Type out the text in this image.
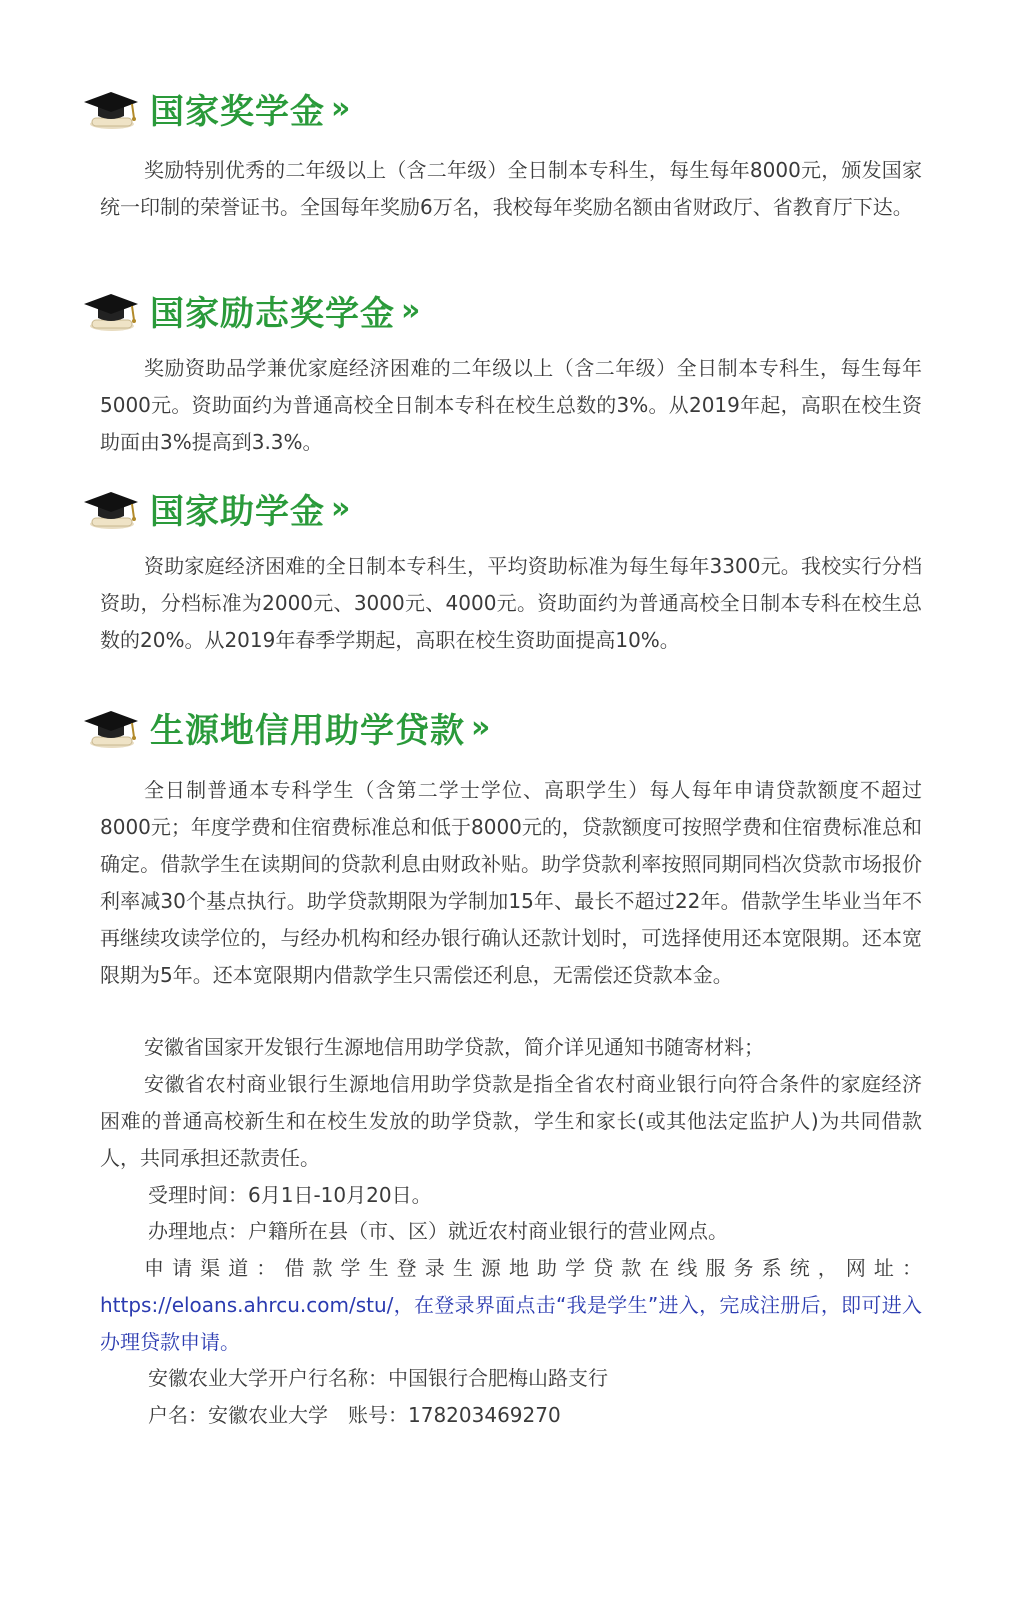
国家奖学金 »

奖励特别优秀的二年级以上（含二年级）全日制本专科生，每生每年8000元，颁发国家统一印制的荣誉证书。全国每年奖励6万名，我校每年奖励名额由省财政厅、省教育厅下达。

国家励志奖学金 »

奖励资助品学兼优家庭经济困难的二年级以上（含二年级）全日制本专科生，每生每年5000元。资助面约为普通高校全日制本专科在校生总数的3%。从2019年起，高职在校生资助面由3%提高到3.3%。

国家助学金 »

资助家庭经济困难的全日制本专科生，平均资助标准为每生每年3300元。我校实行分档资助，分档标准为2000元、3000元、4000元。资助面约为普通高校全日制本专科在校生总数的20%。从2019年春季学期起，高职在校生资助面提高10%。

生源地信用助学贷款 »

全日制普通本专科学生（含第二学士学位、高职学生）每人每年申请贷款额度不超过8000元；年度学费和住宿费标准总和低于8000元的，贷款额度可按照学费和住宿费标准总和确定。借款学生在读期间的贷款利息由财政补贴。助学贷款利率按照同期同档次贷款市场报价利率减30个基点执行。助学贷款期限为学制加15年、最长不超过22年。借款学生毕业当年不再继续攻读学位的，与经办机构和经办银行确认还款计划时，可选择使用还本宽限期。还本宽限期为5年。还本宽限期内借款学生只需偿还利息，无需偿还贷款本金。

安徽省国家开发银行生源地信用助学贷款，简介详见通知书随寄材料；

安徽省农村商业银行生源地信用助学贷款是指全省农村商业银行向符合条件的家庭经济困难的普通高校新生和在校生发放的助学贷款，学生和家长(或其他法定监护人)为共同借款人，共同承担还款责任。

受理时间：6月1日-10月20日。

办理地点：户籍所在县（市、区）就近农村商业银行的营业网点。

申请渠道：借款学生登录生源地助学贷款在线服务系统，网址：https://eloans.ahrcu.com/stu/，在登录界面点击“我是学生”进入，完成注册后，即可进入办理贷款申请。

安徽农业大学开户行名称：中国银行合肥梅山路支行

户名：安徽农业大学　账号：178203469270
